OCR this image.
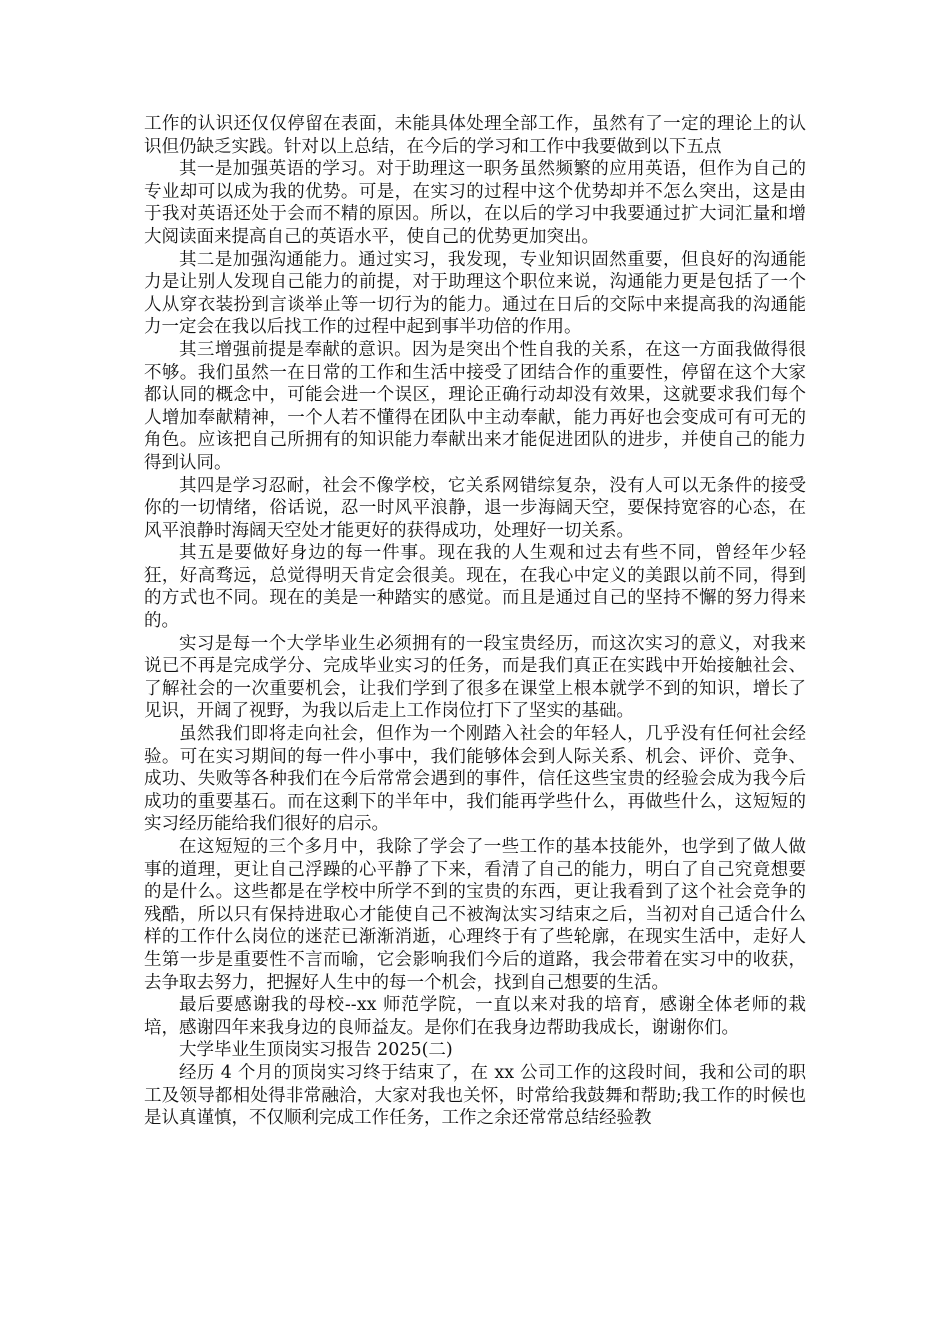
工作的认识还仅仅停留在表面，未能具体处理全部工作，虽然有了一定的理论上的认识但仍缺乏实践。针对以上总结，在今后的学习和工作中我要做到以下五点

其一是加强英语的学习。对于助理这一职务虽然频繁的应用英语，但作为自己的专业却可以成为我的优势。可是，在实习的过程中这个优势却并不怎么突出，这是由于我对英语还处于会而不精的原因。所以，在以后的学习中我要通过扩大词汇量和增大阅读面来提高自己的英语水平，使自己的优势更加突出。

其二是加强沟通能力。通过实习，我发现，专业知识固然重要，但良好的沟通能力是让别人发现自己能力的前提，对于助理这个职位来说，沟通能力更是包括了一个人从穿衣装扮到言谈举止等一切行为的能力。通过在日后的交际中来提高我的沟通能力一定会在我以后找工作的过程中起到事半功倍的作用。

其三增强前提是奉献的意识。因为是突出个性自我的关系，在这一方面我做得很不够。我们虽然一在日常的工作和生活中接受了团结合作的重要性，停留在这个大家都认同的概念中，可能会进一个误区，理论正确行动却没有效果，这就要求我们每个人增加奉献精神，一个人若不懂得在团队中主动奉献，能力再好也会变成可有可无的角色。应该把自己所拥有的知识能力奉献出来才能促进团队的进步，并使自己的能力得到认同。

其四是学习忍耐，社会不像学校，它关系网错综复杂，没有人可以无条件的接受你的一切情绪，俗话说，忍一时风平浪静，退一步海阔天空，要保持宽容的心态，在风平浪静时海阔天空处才能更好的获得成功，处理好一切关系。

其五是要做好身边的每一件事。现在我的人生观和过去有些不同，曾经年少轻狂，好高骛远，总觉得明天肯定会很美。现在，在我心中定义的美跟以前不同，得到的方式也不同。现在的美是一种踏实的感觉。而且是通过自己的坚持不懈的努力得来的。

实习是每一个大学毕业生必须拥有的一段宝贵经历，而这次实习的意义，对我来说已不再是完成学分、完成毕业实习的任务，而是我们真正在实践中开始接触社会、了解社会的一次重要机会，让我们学到了很多在课堂上根本就学不到的知识，增长了见识，开阔了视野，为我以后走上工作岗位打下了坚实的基础。

虽然我们即将走向社会，但作为一个刚踏入社会的年轻人，几乎没有任何社会经验。可在实习期间的每一件小事中，我们能够体会到人际关系、机会、评价、竞争、成功、失败等各种我们在今后常常会遇到的事件，信任这些宝贵的经验会成为我今后成功的重要基石。而在这剩下的半年中，我们能再学些什么，再做些什么，这短短的实习经历能给我们很好的启示。

在这短短的三个多月中，我除了学会了一些工作的基本技能外，也学到了做人做事的道理，更让自己浮躁的心平静了下来，看清了自己的能力，明白了自己究竟想要的是什么。这些都是在学校中所学不到的宝贵的东西，更让我看到了这个社会竞争的残酷，所以只有保持进取心才能使自己不被淘汰实习结束之后，当初对自己适合什么样的工作什么岗位的迷茫已渐渐消逝，心理终于有了些轮廓，在现实生活中，走好人生第一步是重要性不言而喻，它会影响我们今后的道路，我会带着在实习中的收获，去争取去努力，把握好人生中的每一个机会，找到自己想要的生活。

最后要感谢我的母校--xx 师范学院，一直以来对我的培育，感谢全体老师的栽培，感谢四年来我身边的良师益友。是你们在我身边帮助我成长，谢谢你们。

大学毕业生顶岗实习报告 2025(二)

经历 4 个月的顶岗实习终于结束了，在 xx 公司工作的这段时间，我和公司的职工及领导都相处得非常融洽，大家对我也关怀，时常给我鼓舞和帮助;我工作的时候也是认真谨慎，不仅顺利完成工作任务，工作之余还常常总结经验教
